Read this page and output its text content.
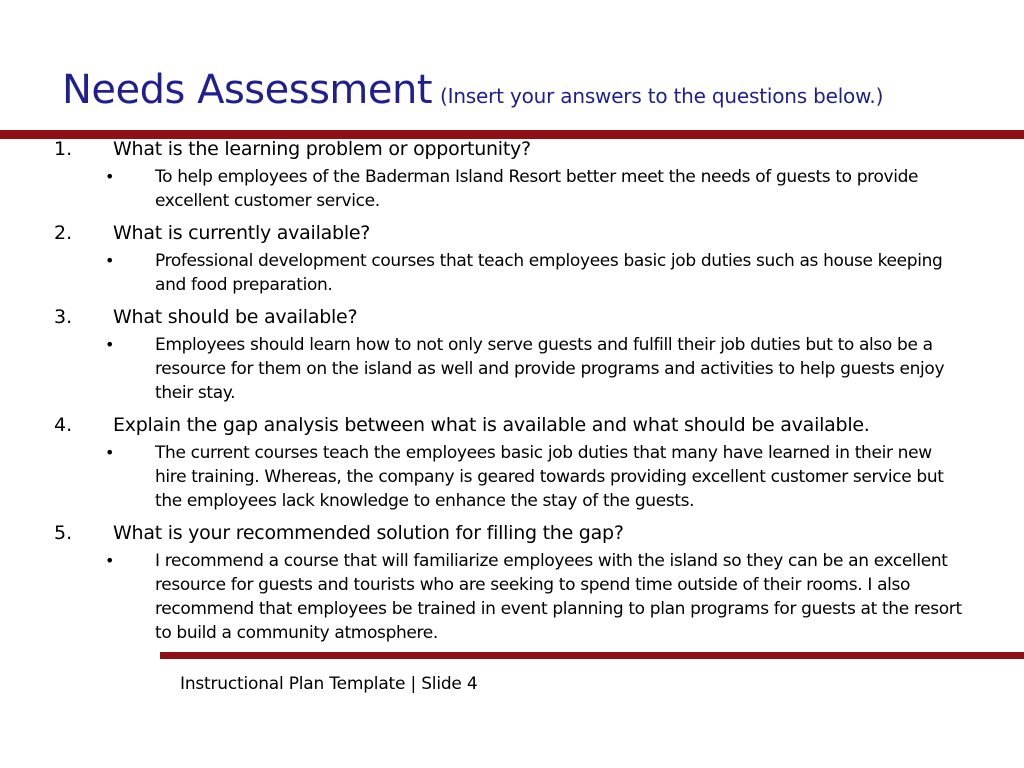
Needs Assessment (Insert your answers to the questions below.)
1. What is the learning problem or opportunity?
• To help employees of the Baderman Island Resort better meet the needs of guests to provide excellent customer service.
2. What is currently available?
• Professional development courses that teach employees basic job duties such as house keeping and food preparation.
3. What should be available?
• Employees should learn how to not only serve guests and fulfill their job duties but to also be a resource for them on the island as well and provide programs and activities to help guests enjoy their stay.
4. Explain the gap analysis between what is available and what should be available.
• The current courses teach the employees basic job duties that many have learned in their new hire training. Whereas, the company is geared towards providing excellent customer service but the employees lack knowledge to enhance the stay of the guests.
5. What is your recommended solution for filling the gap?
• I recommend a course that will familiarize employees with the island so they can be an excellent resource for guests and tourists who are seeking to spend time outside of their rooms. I also recommend that employees be trained in event planning to plan programs for guests at the resort to build a community atmosphere.
Instructional Plan Template | Slide 4
